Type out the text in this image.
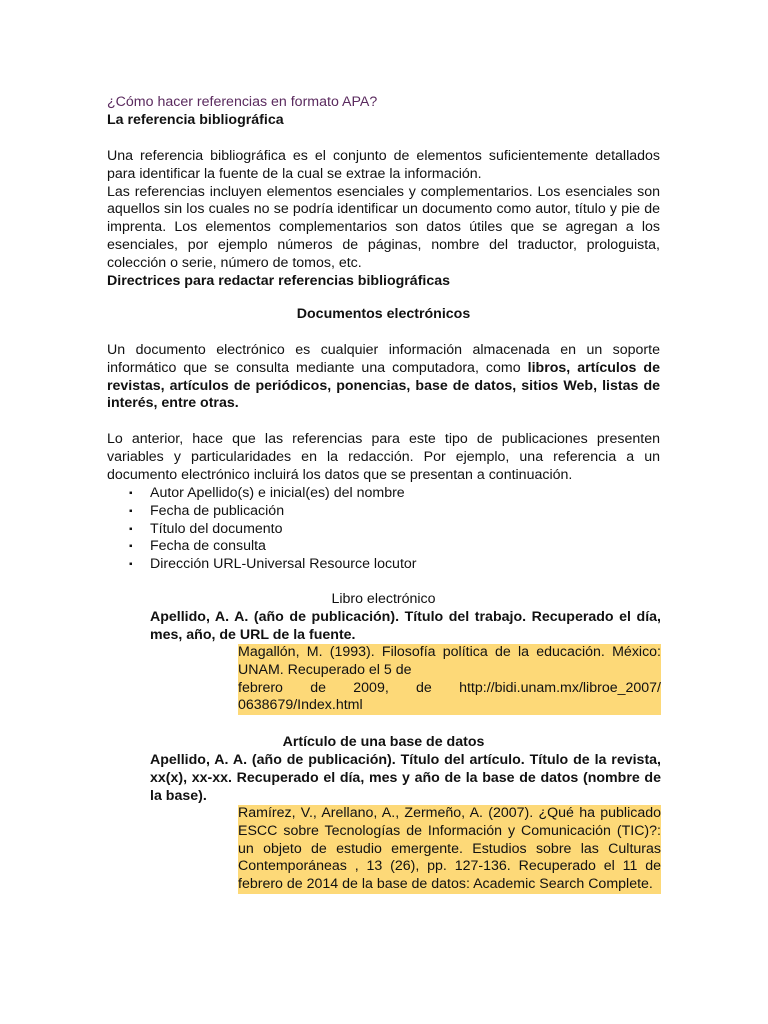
¿Cómo hacer referencias en formato APA?
La referencia bibliográfica

Una referencia bibliográfica es el conjunto de elementos suficientemente detallados para identificar la fuente de la cual se extrae la información.

Las referencias incluyen elementos esenciales y complementarios. Los esenciales son aquellos sin los cuales no se podría identificar un documento como autor, título y pie de imprenta. Los elementos complementarios son datos útiles que se agregan a los esenciales, por ejemplo números de páginas, nombre del traductor, prologuista, colección o serie, número de tomos, etc.

Directrices para redactar referencias bibliográficas

Documentos electrónicos

Un documento electrónico es cualquier información almacenada en un soporte informático que se consulta mediante una computadora, como libros, artículos de revistas, artículos de periódicos, ponencias, base de datos, sitios Web, listas de interés, entre otras.

Lo anterior, hace que las referencias para este tipo de publicaciones presenten variables y particularidades en la redacción. Por ejemplo, una referencia a un documento electrónico incluirá los datos que se presentan a continuación.

▪ Autor Apellido(s) e inicial(es) del nombre
▪ Fecha de publicación
▪ Título del documento
▪ Fecha de consulta
▪ Dirección URL-Universal Resource locutor

Libro electrónico

Apellido, A. A. (año de publicación). Título del trabajo. Recuperado el día, mes, año, de URL de la fuente.

Magallón, M. (1993). Filosofía política de la educación. México: UNAM. Recuperado el 5 de
febrero de 2009, de http://bidi.unam.mx/libroe_2007/ 0638679/Index.html

Artículo de una base de datos

Apellido, A. A. (año de publicación). Título del artículo. Título de la revista, xx(x), xx-xx. Recuperado el día, mes y año de la base de datos (nombre de la base).

Ramírez, V., Arellano, A., Zermeño, A. (2007). ¿Qué ha publicado ESCC sobre Tecnologías de Información y Comunicación (TIC)?: un objeto de estudio emergente. Estudios sobre las Culturas Contemporáneas , 13 (26), pp. 127-136. Recuperado el 11 de febrero de 2014 de la base de datos: Academic Search Complete.
